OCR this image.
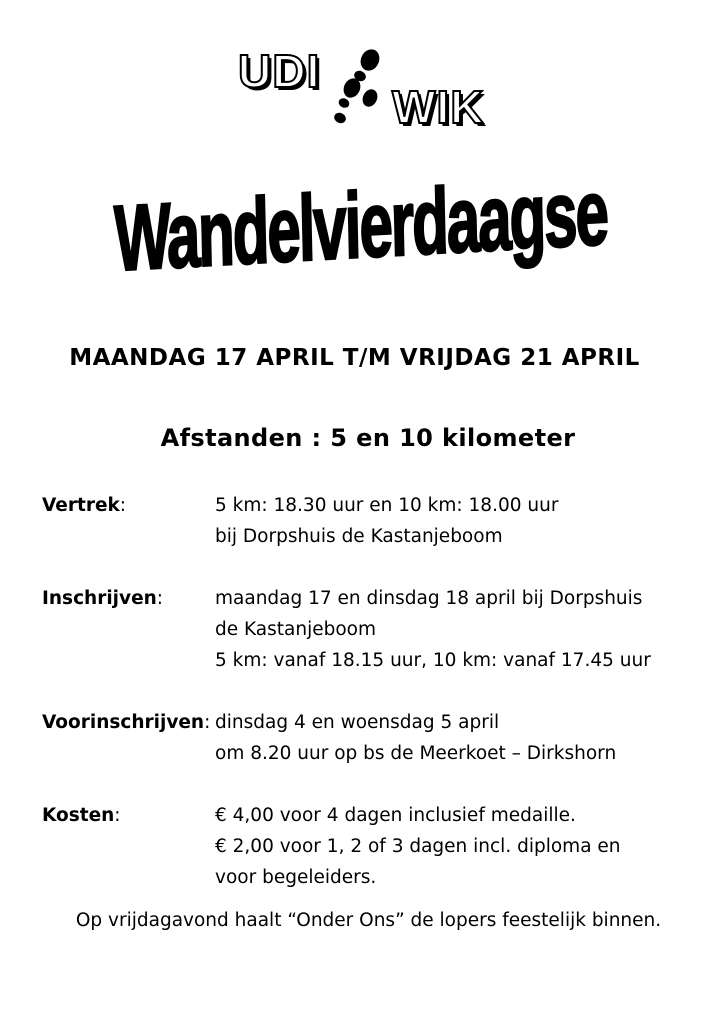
UDI
WIK
Wandelvierdaagse
MAANDAG 17 APRIL T/M VRIJDAG 21 APRIL
Afstanden : 5 en 10 kilometer
Vertrek:	5 km: 18.30 uur en 10 km: 18.00 uur
bij Dorpshuis de Kastanjeboom
Inschrijven:	maandag 17 en dinsdag 18 april bij Dorpshuis
de Kastanjeboom
5 km: vanaf 18.15 uur, 10 km: vanaf 17.45 uur
Voorinschrijven: dinsdag 4 en woensdag 5 april
om 8.20 uur op bs de Meerkoet – Dirkshorn
Kosten:	€ 4,00 voor 4 dagen inclusief medaille.
€ 2,00 voor 1, 2 of 3 dagen incl. diploma en
voor begeleiders.
Op vrijdagavond haalt “Onder Ons” de lopers feestelijk binnen.
